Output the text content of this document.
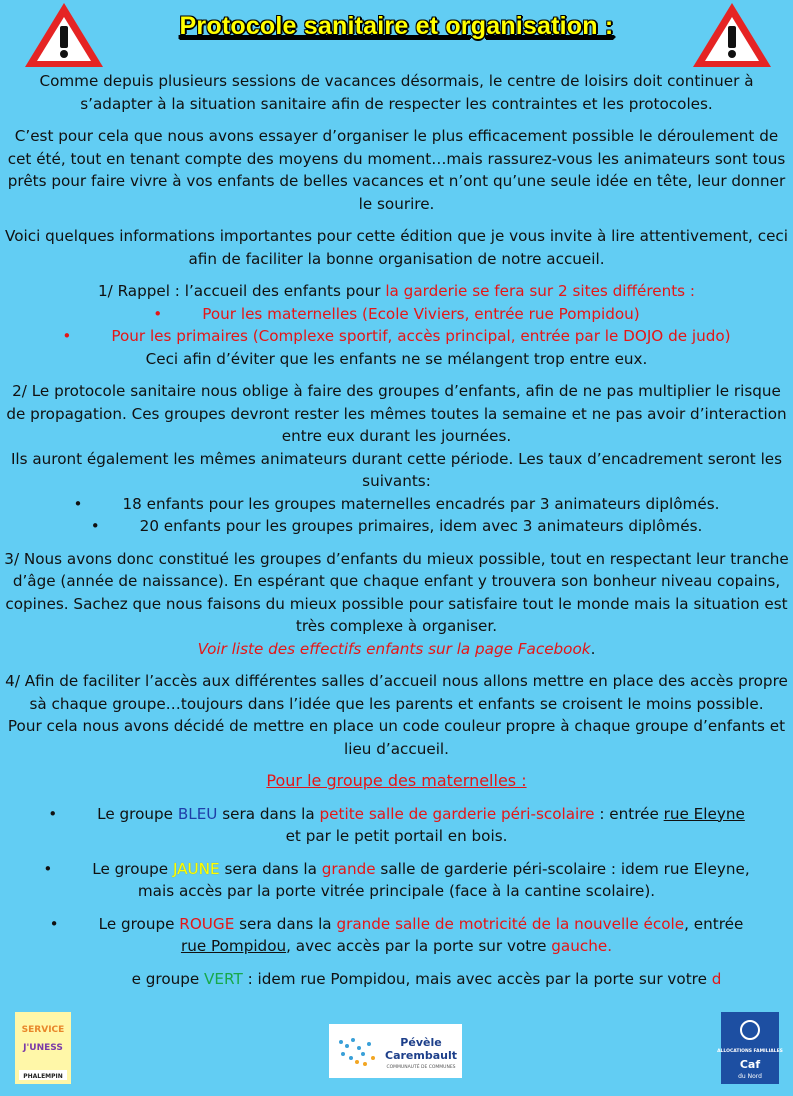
Protocole sanitaire et organisation :

Comme depuis plusieurs sessions de vacances désormais, le centre de loisirs doit continuer à s’adapter à la situation sanitaire afin de respecter les contraintes et les protocoles.

C’est pour cela que nous avons essayer d’organiser le plus efficacement possible le déroulement de cet été, tout en tenant compte des moyens du moment…mais rassurez-vous les animateurs sont tous prêts pour faire vivre à vos enfants de belles vacances et n’ont qu’une seule idée en tête, leur donner le sourire.

Voici quelques informations importantes pour cette édition que je vous invite à lire attentivement, ceci afin de faciliter la bonne organisation de notre accueil.

1/ Rappel : l’accueil des enfants pour la garderie se fera sur 2 sites différents :
•	Pour les maternelles (Ecole Viviers, entrée rue Pompidou)
•	Pour les primaires (Complexe sportif, accès principal, entrée par le DOJO de judo)
Ceci afin d’éviter que les enfants ne se mélangent trop entre eux.

2/ Le protocole sanitaire nous oblige à faire des groupes d’enfants, afin de ne pas multiplier le risque de propagation. Ces groupes devront rester les mêmes toutes la semaine et ne pas avoir d’interaction entre eux durant les journées.
Ils auront également les mêmes animateurs durant cette période. Les taux d’encadrement seront les suivants:
•	18 enfants pour les groupes maternelles encadrés par 3 animateurs diplômés.
•	20 enfants pour les groupes primaires, idem avec 3 animateurs diplômés.

3/ Nous avons donc constitué les groupes d’enfants du mieux possible, tout en respectant leur tranche d’âge (année de naissance). En espérant que chaque enfant y trouvera son bonheur niveau copains, copines. Sachez que nous faisons du mieux possible pour satisfaire tout le monde mais la situation est très complexe à organiser.
Voir liste des effectifs enfants sur la page Facebook.

4/ Afin de faciliter l’accès aux différentes salles d’accueil nous allons mettre en place des accès propre sà chaque groupe…toujours dans l’idée que les parents et enfants se croisent le moins possible.
Pour cela nous avons décidé de mettre en place un code couleur propre à chaque groupe d’enfants et lieu d’accueil.

Pour le groupe des maternelles :

•	Le groupe BLEU sera dans la petite salle de garderie péri-scolaire : entrée rue Eleyne
et par le petit portail en bois.

•	Le groupe JAUNE sera dans la grande salle de garderie péri-scolaire : idem rue Eleyne,
mais accès par la porte vitrée principale (face à la cantine scolaire).

•	Le groupe ROUGE sera dans la grande salle de motricité de la nouvelle école, entrée
rue Pompidou, avec accès par la porte sur votre gauche.

e groupe VERT : idem rue Pompidou, mais avec accès par la porte sur votre d

SERVICE
J'UNESS
PHALEMPIN
Pévèle
Carembault
COMMUNAUTÉ DE COMMUNES
ALLOCATIONS FAMILIALES
Caf
du Nord
